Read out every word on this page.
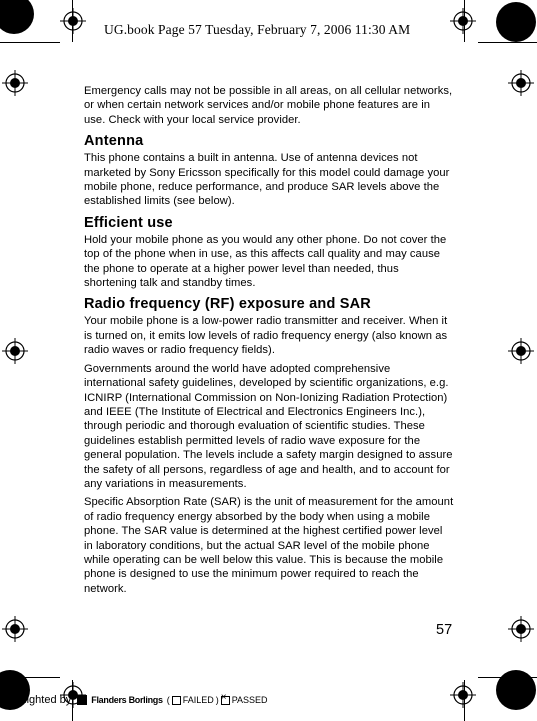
UG.book Page 57 Tuesday, February 7, 2006 11:30 AM

Emergency calls may not be possible in all areas, on all cellular networks, or when certain network services and/or mobile phone features are in use. Check with your local service provider.

Antenna

This phone contains a built in antenna. Use of antenna devices not marketed by Sony Ericsson specifically for this model could damage your mobile phone, reduce performance, and produce SAR levels above the established limits (see below).

Efficient use

Hold your mobile phone as you would any other phone. Do not cover the top of the phone when in use, as this affects call quality and may cause the phone to operate at a higher power level than needed, thus shortening talk and standby times.

Radio frequency (RF) exposure and SAR

Your mobile phone is a low-power radio transmitter and receiver. When it is turned on, it emits low levels of radio frequency energy (also known as radio waves or radio frequency fields).

Governments around the world have adopted comprehensive international safety guidelines, developed by scientific organizations, e.g. ICNIRP (International Commission on Non-Ionizing Radiation Protection) and IEEE (The Institute of Electrical and Electronics Engineers Inc.), through periodic and thorough evaluation of scientific studies. These guidelines establish permitted levels of radio wave exposure for the general population. The levels include a safety margin designed to assure the safety of all persons, regardless of age and health, and to account for any variations in measurements.

Specific Absorption Rate (SAR) is the unit of measurement for the amount of radio frequency energy absorbed by the body when using a mobile phone. The SAR value is determined at the highest certified power level in laboratory conditions, but the actual SAR level of the mobile phone while operating can be well below this value. This is because the mobile phone is designed to use the minimum power required to reach the network.

57
Preflighted by Flanders Borlings ( FAILED )
× PASSED
